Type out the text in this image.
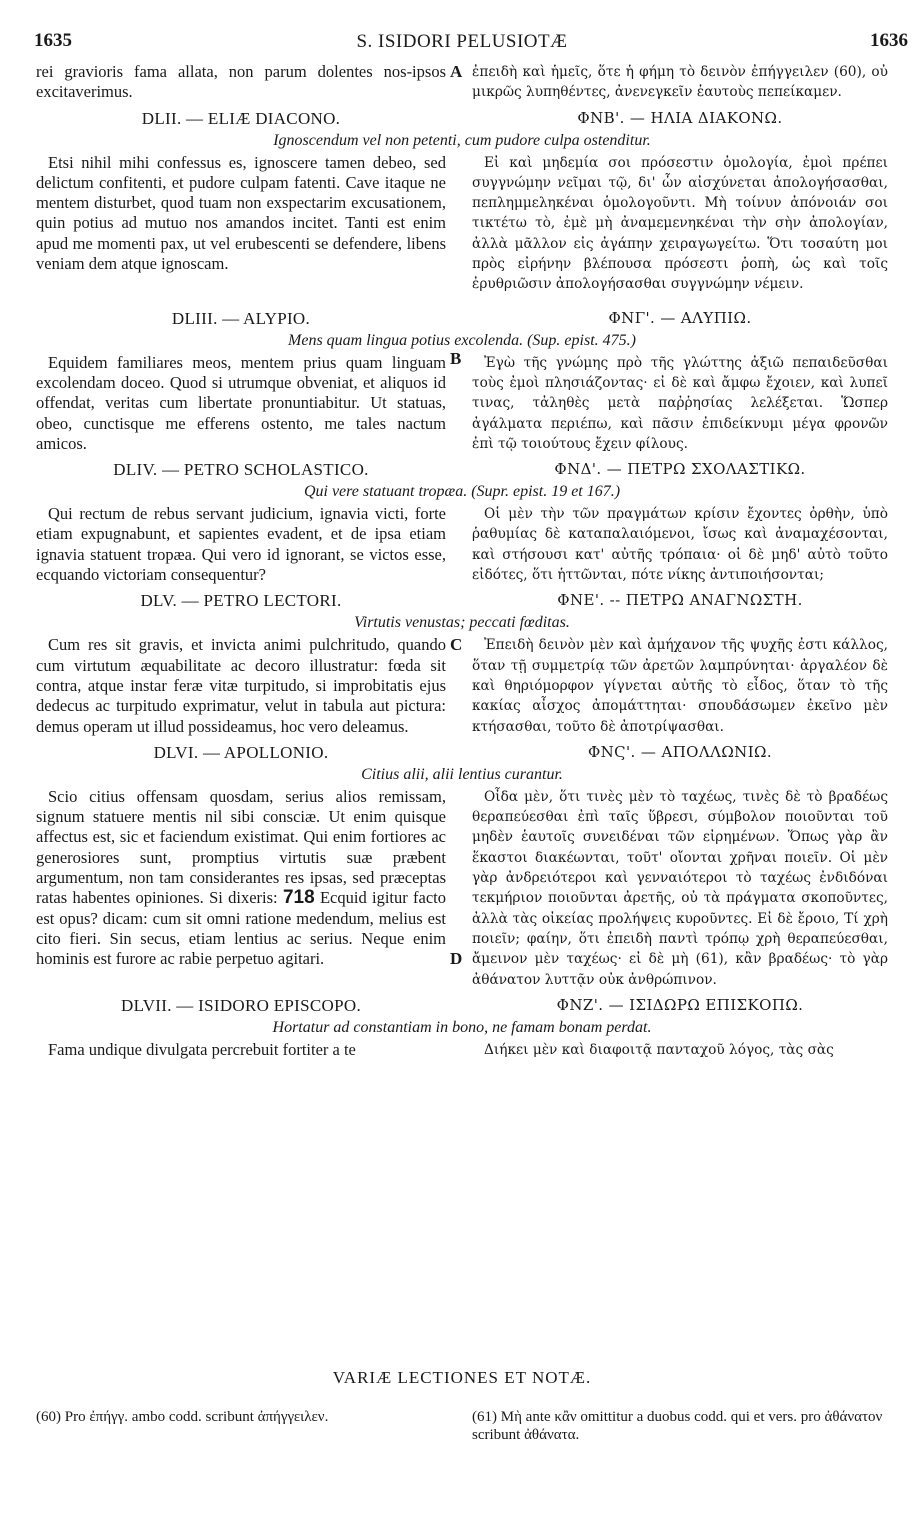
1635	S. ISIDORI PELUSIOTÆ	1636

rei gravioris fama allata, non parum dolentes nos-ipsos excitaverimus.

A ἐπειδὴ καὶ ἡμεῖς, ὅτε ἡ φήμη τὸ δεινὸν ἐπήγγειλεν (60), οὐ μικρῶς λυπηθέντες, ἀνενεγκεῖν ἑαυτοὺς πεπείκαμεν.

DLII. — ELIÆ DIACONO.	ΦΝΒ'. — ΗΛΙΑ ΔΙΑΚΟΝΩ.
Ignoscendum vel non petenti, cum pudore culpa ostenditur.

Etsi nihil mihi confessus es, ignoscere tamen debeo, sed delictum confitenti, et pudore culpam fatenti. Cave itaque ne mentem disturbet, quod tuam non exspectarim excusationem, quin potius ad mutuo nos amandos incitet. Tanti est enim apud me momenti pax, ut vel erubescenti se defendere, libens veniam dem atque ignoscam.

Εἰ καὶ μηδεμία σοι πρόσεστιν ὁμολογία, ἐμοὶ πρέπει συγγνώμην νεῖμαι τῷ, δι' ὧν αἰσχύνεται ἀπολογήσασθαι, πεπλημμεληκέναι ὁμολογοῦντι. Μὴ τοίνυν ἀπόνοιάν σοι τικτέτω τὸ, ἐμὲ μὴ ἀναμεμενηκέναι τὴν σὴν ἀπολογίαν, ἀλλὰ μᾶλλον εἰς ἀγάπην χειραγωγείτω. Ὅτι τοσαύτη μοι πρὸς εἰρήνην βλέπουσα πρόσεστι ῥοπὴ, ὡς καὶ τοῖς ἐρυθριῶσιν ἀπολογήσασθαι συγγνώμην νέμειν.

DLIII. — ALYPIO.	ΦΝΓ'. — ΑΛΥΠΙΩ.
Mens quam lingua potius excolenda. (Sup. epist. 475.)

Equidem familiares meos, mentem prius quam linguam excolendam doceo. Quod si utrumque obveniat, et aliquos id offendat, veritas cum libertate pronuntiabitur. Ut statuas, obeo, cunctisque me efferens ostento, me tales nactum amicos.

B	Ἐγὼ τῆς γνώμης πρὸ τῆς γλώττης ἀξιῶ πεπαιδεῦσθαι τοὺς ἐμοὶ πλησιάζοντας· εἰ δὲ καὶ ἄμφω ἔχοιεν, καὶ λυπεῖ τινας, τἀληθὲς μετὰ παῤῥησίας λελέξεται. Ὥσπερ ἀγάλματα περιέπω, καὶ πᾶσιν ἐπιδείκνυμι μέγα φρονῶν ἐπὶ τῷ τοιούτους ἔχειν φίλους.

DLIV. — PETRO SCHOLASTICO.	ΦΝΔ'. — ΠΕΤΡΩ ΣΧΟΛΑΣΤΙΚΩ.
Qui vere statuant tropæa. (Supr. epist. 19 et 167.)

Qui rectum de rebus servant judicium, ignavia victi, forte etiam expugnabunt, et sapientes evadent, et de ipsa etiam ignavia statuent tropæa. Qui vero id ignorant, se victos esse, ecquando victoriam consequentur?

Οἱ μὲν τὴν τῶν πραγμάτων κρίσιν ἔχοντες ὀρθὴν, ὑπὸ ῥαθυμίας δὲ καταπαλαιόμενοι, ἴσως καὶ ἀναμαχέσονται, καὶ στήσουσι κατ' αὐτῆς τρόπαια· οἱ δὲ μηδ' αὐτὸ τοῦτο εἰδότες, ὅτι ἡττῶνται, πότε νίκης ἀντιποιήσονται;

DLV. — PETRO LECTORI.	ΦΝΕ'. -- ΠΕΤΡΩ ΑΝΑΓΝΩΣΤΗ.
Virtutis venustas; peccati fœditas.

Cum res sit gravis, et invicta animi pulchritudo, quando cum virtutum æquabilitate ac decoro illustratur: fœda sit contra, atque instar feræ vitæ turpitudo, si improbitatis ejus dedecus ac turpitudo exprimatur, velut in tabula aut pictura: demus operam ut illud possideamus, hoc vero deleamus.

C	Ἐπειδὴ δεινὸν μὲν καὶ ἀμήχανον τῆς ψυχῆς ἐστι κάλλος, ὅταν τῇ συμμετρίᾳ τῶν ἀρετῶν λαμπρύνηται· ἀργαλέον δὲ καὶ θηριόμορφον γίγνεται αὐτῆς τὸ εἶδος, ὅταν τὸ τῆς κακίας αἶσχος ἀπομάττηται· σπουδάσωμεν ἐκεῖνο μὲν κτήσασθαι, τοῦτο δὲ ἀποτρίψασθαι.

DLVI. — APOLLONIO.	ΦΝϚ'. — ΑΠΟΛΛΩΝΙΩ.
Citius alii, alii lentius curantur.

Scio citius offensam quosdam, serius alios remissam, signum statuere mentis nil sibi consciæ. Ut enim quisque affectus est, sic et faciendum existimat. Qui enim fortiores ac generosiores sunt, promptius virtutis suæ præbent argumentum, non tam considerantes res ipsas, sed præceptas ratas habentes opiniones. Si dixeris: 718 Ecquid igitur facto est opus? dicam: cum sit omni ratione medendum, melius est cito fieri. Sin secus, etiam lentius ac serius. Neque enim hominis est furore ac rabie perpetuo agitari.	D

Οἶδα μὲν, ὅτι τινὲς μὲν τὸ ταχέως, τινὲς δὲ τὸ βραδέως θεραπεύεσθαι ἐπὶ ταῖς ὕβρεσι, σύμβολον ποιοῦνται τοῦ μηδὲν ἑαυτοῖς συνειδέναι τῶν εἰρημένων. Ὅπως γὰρ ἂν ἕκαστοι διακέωνται, τοῦτ' οἴονται χρῆναι ποιεῖν. Οἱ μὲν γὰρ ἀνδρειότεροι καὶ γενναιότεροι τὸ ταχέως ἐνδιδόναι τεκμήριον ποιοῦνται ἀρετῆς, οὐ τὰ πράγματα σκοποῦντες, ἀλλὰ τὰς οἰκείας προλήψεις κυροῦντες. Εἰ δὲ ἔροιο, Τί χρὴ ποιεῖν; φαίην, ὅτι ἐπειδὴ παντὶ τρόπῳ χρὴ θεραπεύεσθαι, ἄμεινον μὲν ταχέως· εἰ δὲ μὴ (61), κἂν βραδέως· τὸ γὰρ ἀθάνατον λυττᾷν οὐκ ἀνθρώπινον.

DLVII. — ISIDORO EPISCOPO.	ΦΝΖ'. — ΙΣΙΔΩΡΩ ΕΠΙΣΚΟΠΩ.
Hortatur ad constantiam in bono, ne famam bonam perdat.

Fama undique divulgata percrebuit fortiter a te	Διήκει μὲν καὶ διαφοιτᾷ πανταχοῦ λόγος, τὰς σὰς

VARIÆ LECTIONES ET NOTÆ.

(60) Pro ἐπήγγ. ambo codd. scribunt ἀπήγγειλεν.	(61) Μὴ ante κἂν omittitur a duobus codd. qui et vers. pro ἀθάνατον scribunt ἀθάνατα.
